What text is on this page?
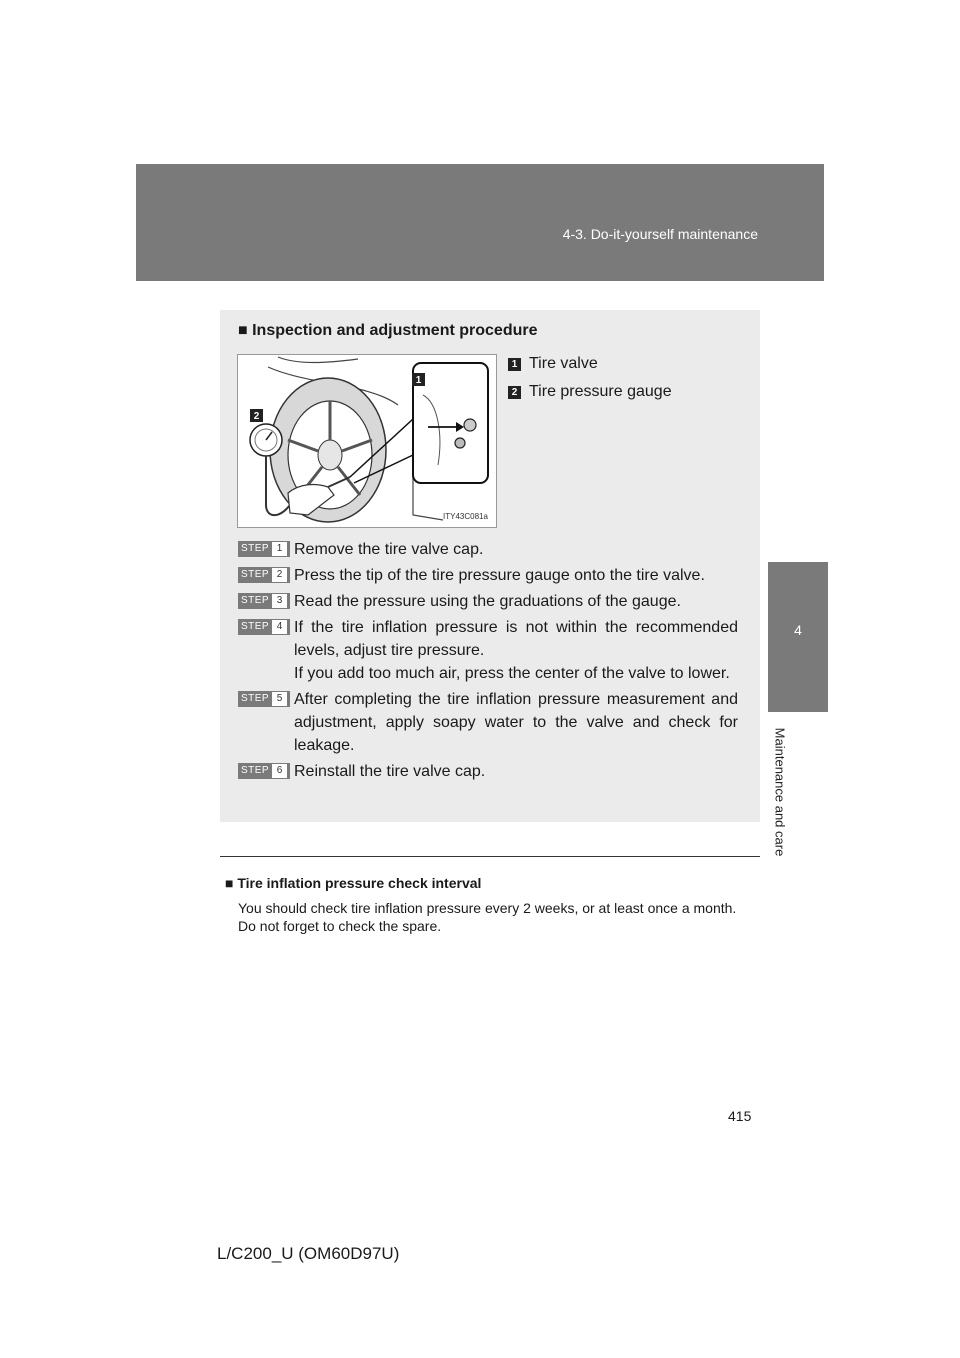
4-3. Do-it-yourself maintenance
4
Maintenance and care
■ Inspection and adjustment procedure
1
2
ITY43C081a
1 Tire valve
2 Tire pressure gauge
STEP 1 Remove the tire valve cap.

STEP 2 Press the tip of the tire pressure gauge onto the tire valve.

STEP 3 Read the pressure using the graduations of the gauge.

STEP 4 If the tire inflation pressure is not within the recommended levels, adjust tire pressure.

If you add too much air, press the center of the valve to lower.

STEP 5 After completing the tire inflation pressure measurement and adjustment, apply soapy water to the valve and check for leakage.

STEP 6 Reinstall the tire valve cap.

■ Tire inflation pressure check interval

You should check tire inflation pressure every 2 weeks, or at least once a month.

Do not forget to check the spare.

415
L/C200_U (OM60D97U)
